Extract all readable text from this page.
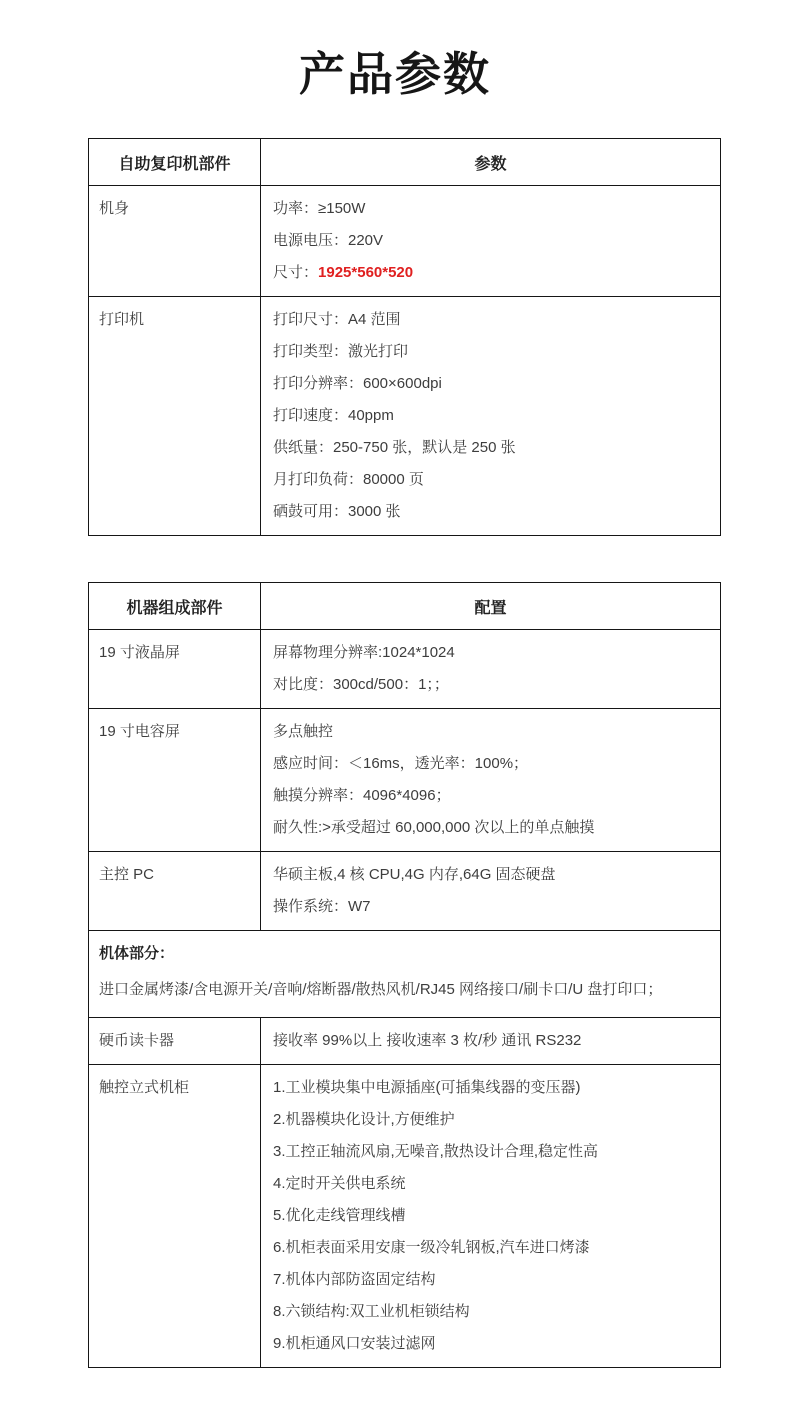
产品参数
自助复印机部件	参数

机身	功率：≥150W
电源电压：220V
尺寸：1925*560*520

打印机	打印尺寸：A4 范围
打印类型：激光打印
打印分辨率：600×600dpi
打印速度：40ppm
供纸量：250-750 张，默认是 250 张
月打印负荷：80000 页
硒鼓可用：3000 张
机器组成部件	配置

19 寸液晶屏	屏幕物理分辨率:1024*1024
对比度：300cd/500：1；；

19 寸电容屏	多点触控
感应时间：＜16ms，透光率：100%；
触摸分辨率：4096*4096；
耐久性:>承受超过 60,000,000 次以上的单点触摸

主控 PC	华硕主板,4 核 CPU,4G 内存,64G 固态硬盘
操作系统：W7

机体部分：
进口金属烤漆/含电源开关/音响/熔断器/散热风机/RJ45 网络接口/刷卡口/U 盘打印口；	

硬币读卡器	接收率 99%以上 接收速率 3 枚/秒 通讯 RS232

触控立式机柜	1.工业模块集中电源插座(可插集线器的变压器)
2.机器模块化设计,方便维护
3.工控正轴流风扇,无噪音,散热设计合理,稳定性高
4.定时开关供电系统
5.优化走线管理线槽
6.机柜表面采用安康一级冷轧钢板,汽车进口烤漆
7.机体内部防盗固定结构
8.六锁结构:双工业机柜锁结构
9.机柜通风口安装过滤网
